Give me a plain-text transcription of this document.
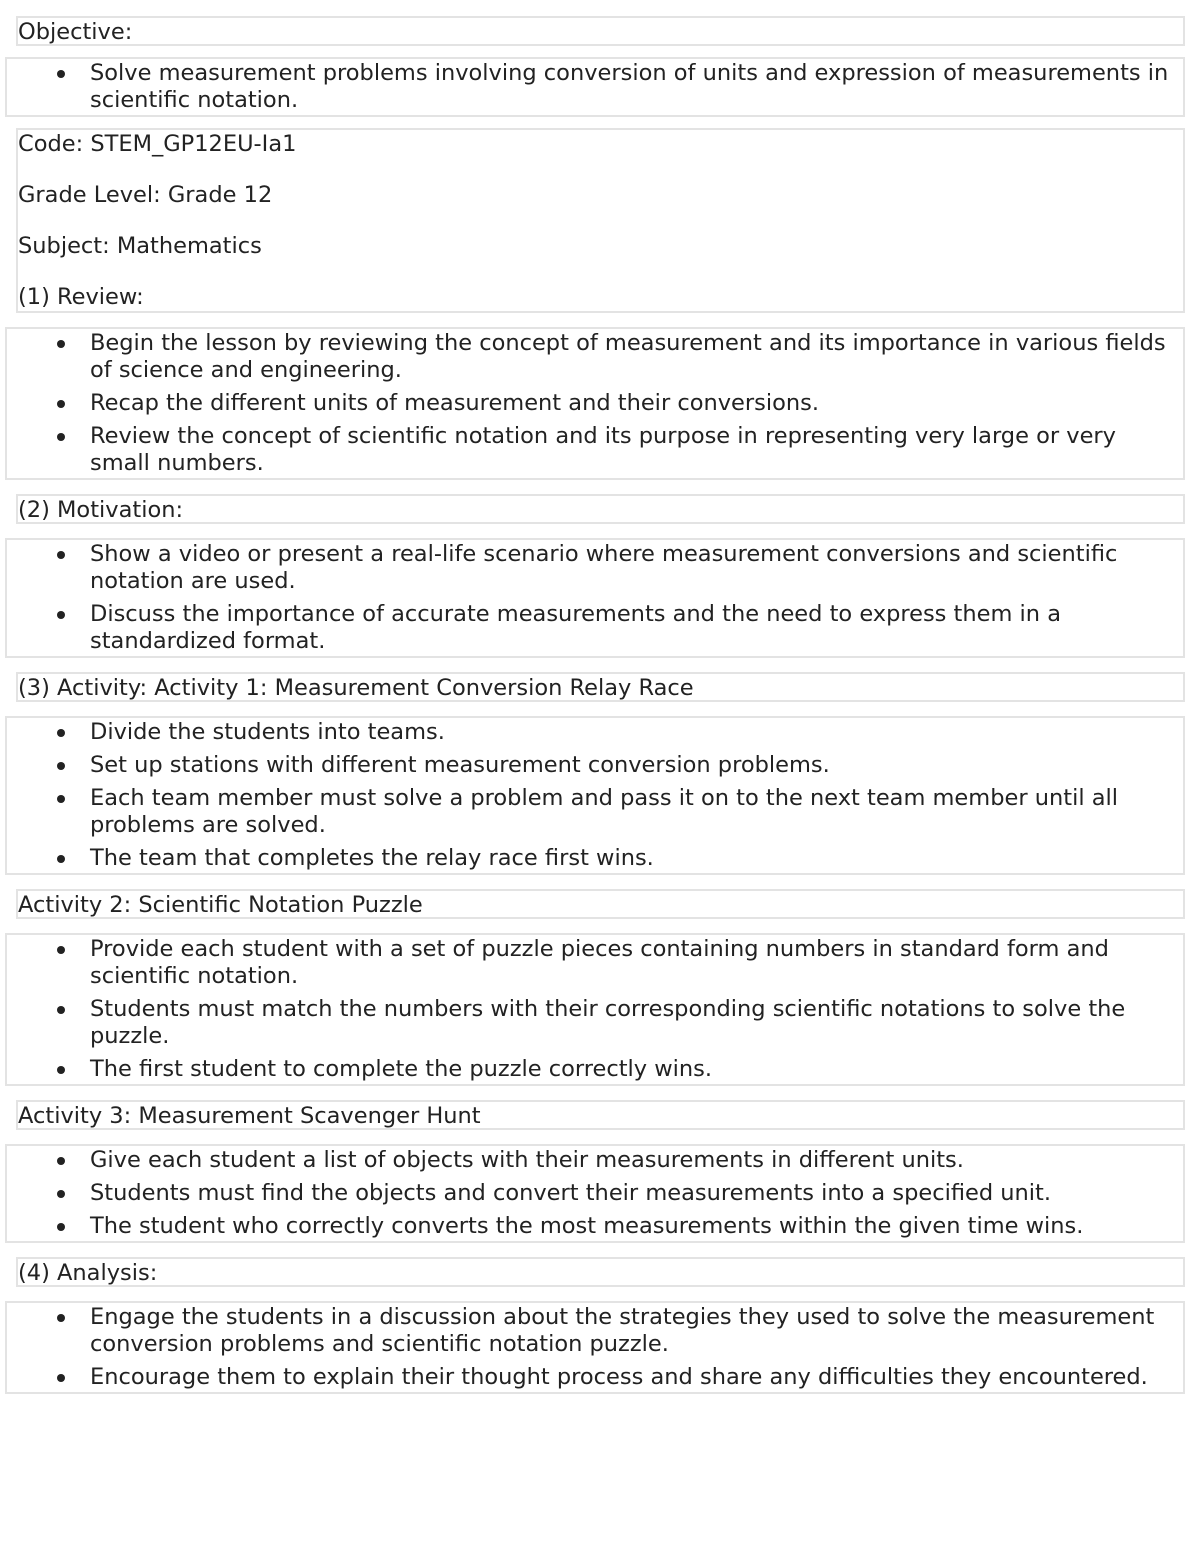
Objective:
Solve measurement problems involving conversion of units and expression of measurements in scientific notation.

Code: STEM_GP12EU-Ia1

Grade Level: Grade 12

Subject: Mathematics

(1) Review:

Begin the lesson by reviewing the concept of measurement and its importance in various fields of science and engineering.
Recap the different units of measurement and their conversions.
Review the concept of scientific notation and its purpose in representing very large or very small numbers.
(2) Motivation:
Show a video or present a real-life scenario where measurement conversions and scientific notation are used.
Discuss the importance of accurate measurements and the need to express them in a standardized format.
(3) Activity: Activity 1: Measurement Conversion Relay Race
Divide the students into teams.
Set up stations with different measurement conversion problems.
Each team member must solve a problem and pass it on to the next team member until all problems are solved.
The team that completes the relay race first wins.
Activity 2: Scientific Notation Puzzle
Provide each student with a set of puzzle pieces containing numbers in standard form and scientific notation.
Students must match the numbers with their corresponding scientific notations to solve the puzzle.
The first student to complete the puzzle correctly wins.
Activity 3: Measurement Scavenger Hunt
Give each student a list of objects with their measurements in different units.
Students must find the objects and convert their measurements into a specified unit.
The student who correctly converts the most measurements within the given time wins.
(4) Analysis:
Engage the students in a discussion about the strategies they used to solve the measurement conversion problems and scientific notation puzzle.
Encourage them to explain their thought process and share any difficulties they encountered.
